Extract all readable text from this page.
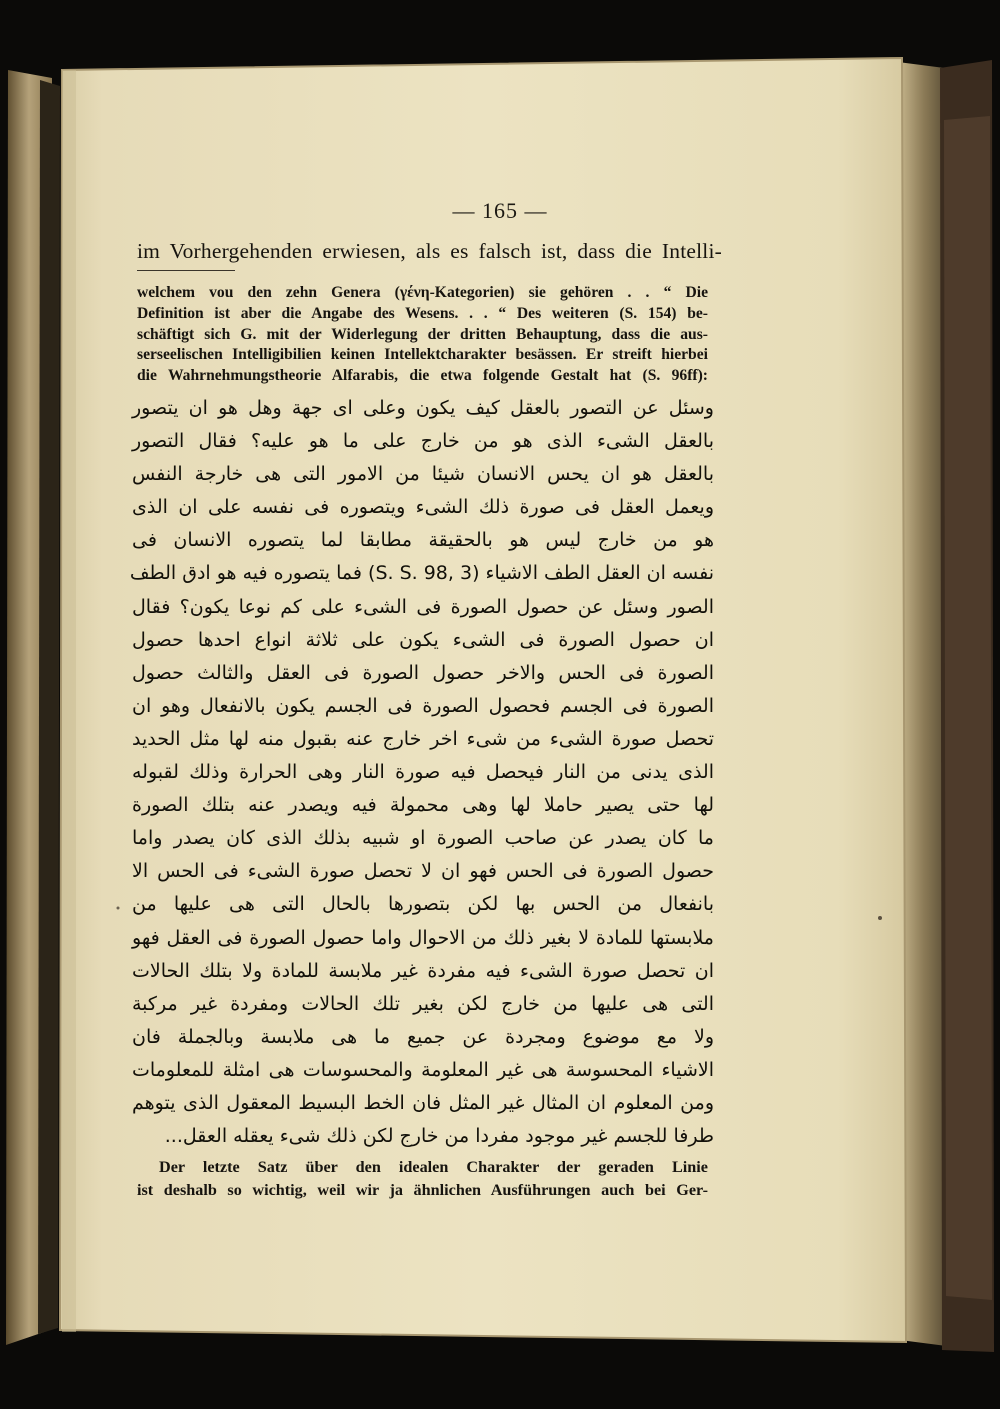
— 165 —
im Vorhergehenden erwiesen, als es falsch ist, dass die Intelli-
welchem vou den zehn Genera (γένη-Kategorien) sie gehören . . “ Die
Definition ist aber die Angabe des Wesens. . . “ Des weiteren (S. 154) be-
schäftigt sich G. mit der Widerlegung der dritten Behauptung, dass die aus-
serseelischen Intelligibilien keinen Intellektcharakter besässen. Er streift hierbei
die Wahrnehmungstheorie Alfarabis, die etwa folgende Gestalt hat (S. 96ff):
وسئل عن التصور بالعقل كيف يكون وعلى اى جهة وهل هو ان يتصور
بالعقل الشىء الذى هو من خارج على ما هو عليه؟ فقال التصور
بالعقل هو ان يحس الانسان شيئا من الامور التى هى خارجة النفس
ويعمل العقل فى صورة ذلك الشىء ويتصوره فى نفسه على ان الذى
هو من خارج ليس هو بالحقيقة مطابقا لما يتصوره الانسان فى
نفسه ان العقل الطف الاشياء (S. S. 98, 3) فما يتصوره فيه هو ادق الطف
الصور وسئل عن حصول الصورة فى الشىء على كم نوعا يكون؟ فقال
ان حصول الصورة فى الشىء يكون على ثلاثة انواع احدها حصول
الصورة فى الحس والاخر حصول الصورة فى العقل والثالث حصول
الصورة فى الجسم فحصول الصورة فى الجسم يكون بالانفعال وهو ان
تحصل صورة الشىء من شىء اخر خارج عنه بقبول منه لها مثل الحديد
الذى يدنى من النار فيحصل فيه صورة النار وهى الحرارة وذلك لقبوله
لها حتى يصير حاملا لها وهى محمولة فيه ويصدر عنه بتلك الصورة
ما كان يصدر عن صاحب الصورة او شبيه بذلك الذى كان يصدر واما
حصول الصورة فى الحس فهو ان لا تحصل صورة الشىء فى الحس الا
بانفعال من الحس بها لكن بتصورها بالحال التى هى عليها من
ملابستها للمادة لا بغير ذلك من الاحوال واما حصول الصورة فى العقل فهو
ان تحصل صورة الشىء فيه مفردة غير ملابسة للمادة ولا بتلك الحالات
التى هى عليها من خارج لكن بغير تلك الحالات ومفردة غير مركبة
ولا مع موضوع ومجردة عن جميع ما هى ملابسة وبالجملة فان
الاشياء المحسوسة هى غير المعلومة والمحسوسات هى امثلة للمعلومات
ومن المعلوم ان المثال غير المثل فان الخط البسيط المعقول الذى يتوهم
طرفا للجسم غير موجود مفردا من خارج لكن ذلك شىء يعقله العقل...
Der letzte Satz über den idealen Charakter der geraden Linie
ist deshalb so wichtig, weil wir ja ähnlichen Ausführungen auch bei Ger-
